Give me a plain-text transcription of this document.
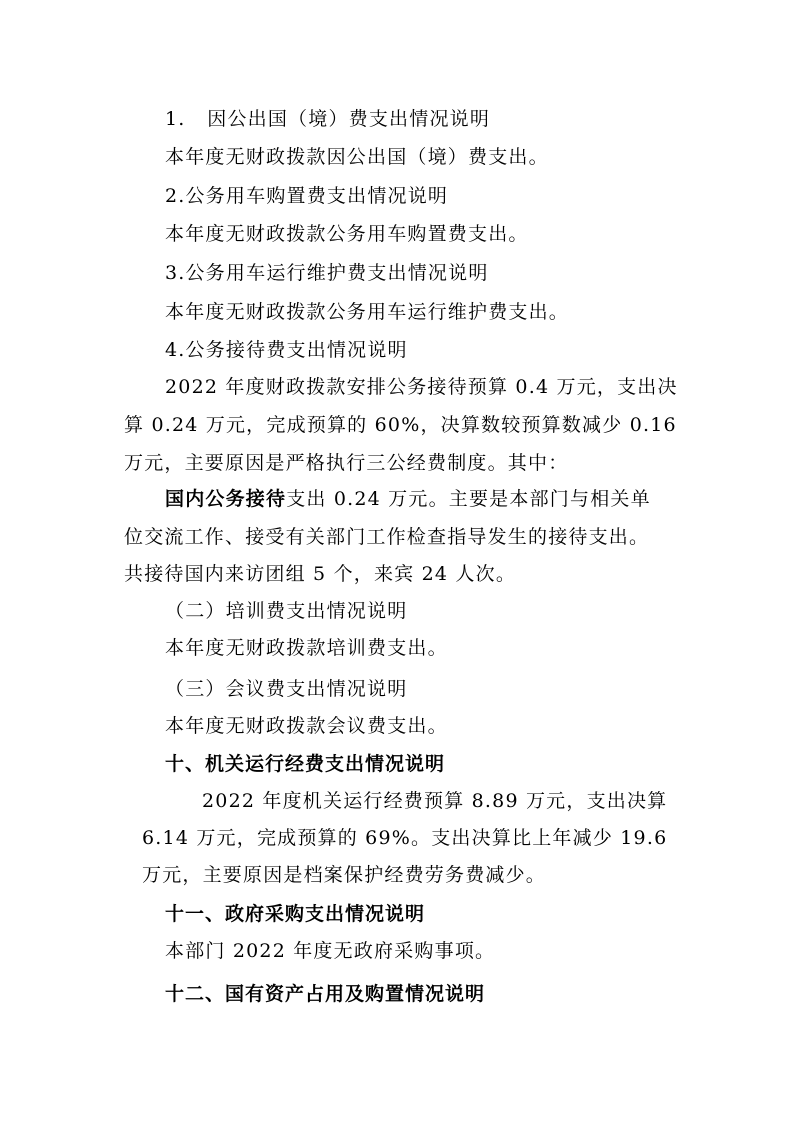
1.   因公出国（境）费支出情况说明
本年度无财政拨款因公出国（境）费支出。
2.公务用车购置费支出情况说明
本年度无财政拨款公务用车购置费支出。
3.公务用车运行维护费支出情况说明
本年度无财政拨款公务用车运行维护费支出。
4.公务接待费支出情况说明
2022 年度财政拨款安排公务接待预算 0.4 万元，支出决
算 0.24 万元，完成预算的 60%，决算数较预算数减少 0.16
万元，主要原因是严格执行三公经费制度。其中：
国内公务接待支出 0.24 万元。主要是本部门与相关单
位交流工作、接受有关部门工作检查指导发生的接待支出。
共接待国内来访团组 5 个，来宾 24 人次。
（二）培训费支出情况说明
本年度无财政拨款培训费支出。
（三）会议费支出情况说明
本年度无财政拨款会议费支出。
十、机关运行经费支出情况说明
2022 年度机关运行经费预算 8.89 万元，支出决算
6.14 万元，完成预算的 69%。支出决算比上年减少 19.6
万元，主要原因是档案保护经费劳务费减少。
十一、政府采购支出情况说明
本部门 2022 年度无政府采购事项。
十二、国有资产占用及购置情况说明
